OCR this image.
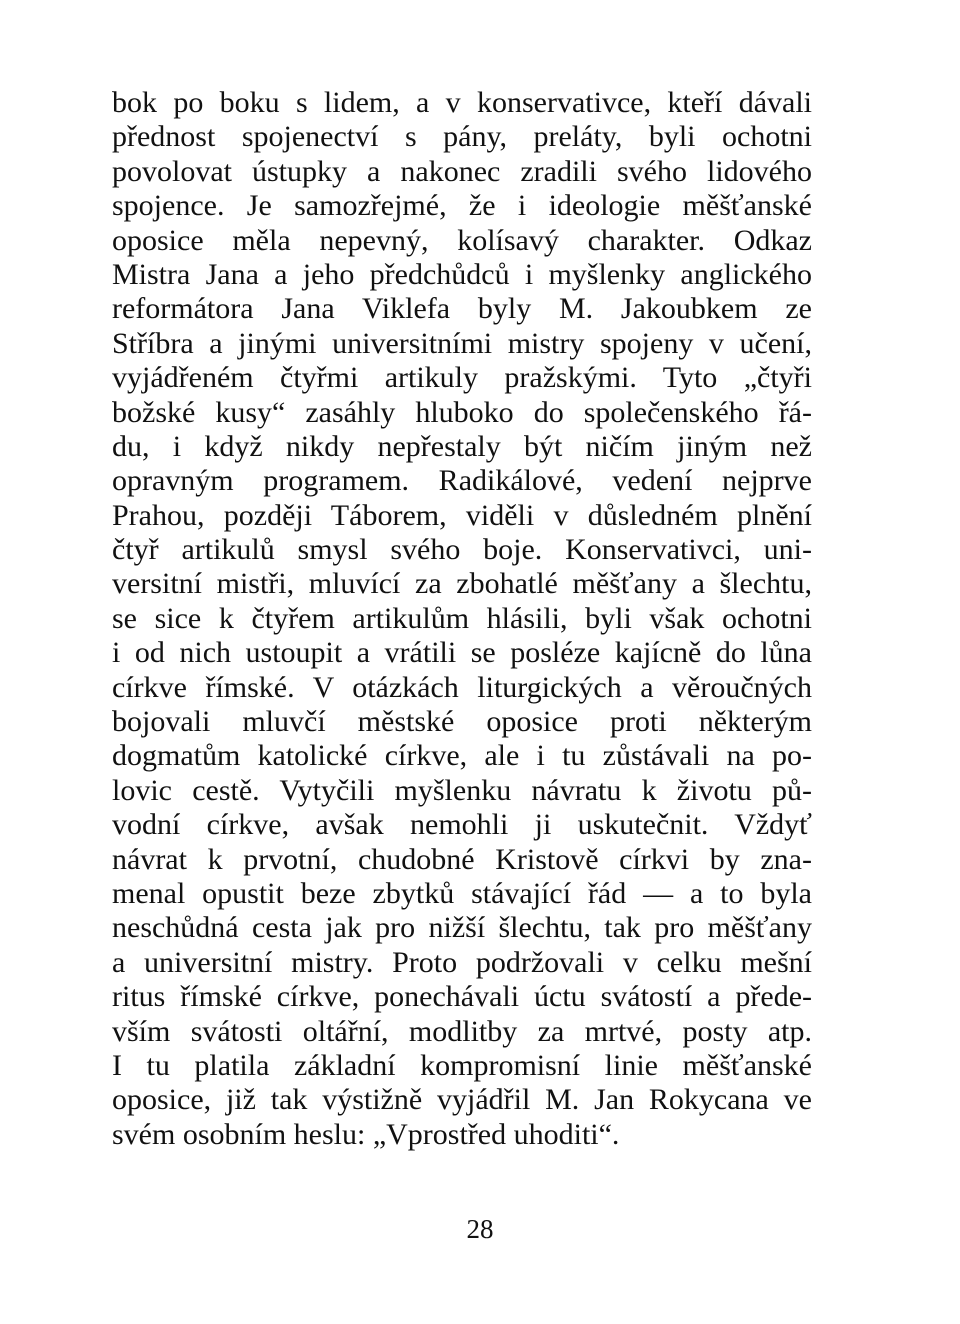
bok po boku s lidem, a v konservativce, kteří dávali
přednost spojenectví s pány, preláty, byli ochotni
povolovat ústupky a nakonec zradili svého lidového
spojence. Je samozřejmé, že i ideologie měšťanské
oposice měla nepevný, kolísavý charakter. Odkaz
Mistra Jana a jeho předchůdců i myšlenky anglického
reformátora Jana Viklefa byly M. Jakoubkem ze
Stříbra a jinými universitními mistry spojeny v učení,
vyjádřeném čtyřmi artikuly pražskými. Tyto „čtyři
božské kusy“ zasáhly hluboko do společenského řá-
du, i když nikdy nepřestaly být ničím jiným než
opravným programem. Radikálové, vedení nejprve
Prahou, později Táborem, viděli v důsledném plnění
čtyř artikulů smysl svého boje. Konservativci, uni-
versitní mistři, mluvící za zbohatlé měšťany a šlechtu,
se sice k čtyřem artikulům hlásili, byli však ochotni
i od nich ustoupit a vrátili se posléze kajícně do lůna
církve římské. V otázkách liturgických a věroučných
bojovali mluvčí městské oposice proti některým
dogmatům katolické církve, ale i tu zůstávali na po-
lovic cestě. Vytyčili myšlenku návratu k životu pů-
vodní církve, avšak nemohli ji uskutečnit. Vždyť
návrat k prvotní, chudobné Kristově církvi by zna-
menal opustit beze zbytků stávající řád — a to byla
neschůdná cesta jak pro nižší šlechtu, tak pro měšťany
a universitní mistry. Proto podržovali v celku mešní
ritus římské církve, ponechávali úctu svátostí a přede-
vším svátosti oltářní, modlitby za mrtvé, posty atp.
I tu platila základní kompromisní linie měšťanské
oposice, již tak výstižně vyjádřil M. Jan Rokycana ve
svém osobním heslu: „Vprostřed uhoditi“.
28
